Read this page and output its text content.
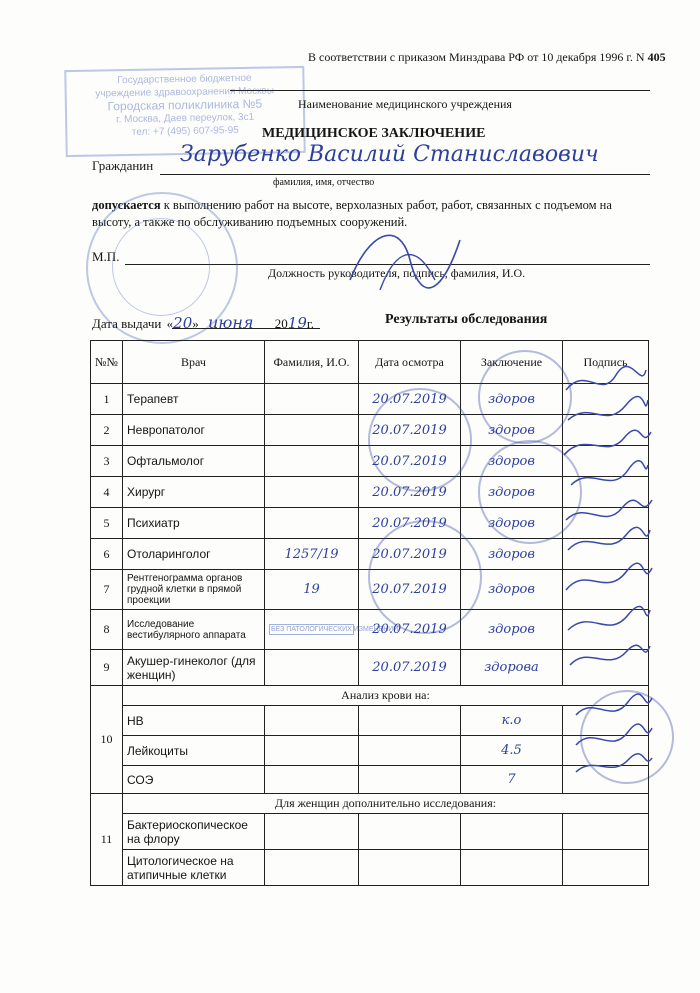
В соответствии с приказом Минздрава РФ от 10 декабря 1996 г. N 405
Государственное бюджетное
учреждение здравоохранения Москвы
Городская поликлиника №5
г. Москва, Даев переулок, 3с1
тел: +7 (495) 607-95-95
Наименование медицинского учреждения
МЕДИЦИНСКОЕ ЗАКЛЮЧЕНИЕ
Гражданин Зарубенко Василий Станиславович
фамилия, имя, отчество
допускается к выполнению работ на высоте, верхолазных работ, работ, связанных с подъемом на высоту, а также по обслуживанию подъемных сооружений.
М.П.
Должность руководителя, подпись, фамилия, И.О.
Дата выдачи «20» июня 2019г.	Результаты обследования
№№	Врач	Фамилия, И.О.	Дата осмотра	Заключение	Подпись
1	Терапевт		20.07.2019	здоров	
2	Невропатолог		20.07.2019	здоров	
3	Офтальмолог		20.07.2019	здоров	
4	Хирург		20.07.2019	здоров	
5	Психиатр		20.07.2019	здоров	
6	Отоларинголог	1257/19	20.07.2019	здоров	
7	Рентгенограмма органов грудной клетки в прямой проекции	19	20.07.2019	здоров	
8	Исследование вестибулярного аппарата	БЕЗ ПАТОЛОГИЧЕСКИХ ИЗМЕНЕНИЙ	20.07.2019	здоров	
9	Акушер-гинеколог (для женщин)		20.07.2019	здорова	
10	Анализ крови на:				
	НВ			к.о	
	Лейкоциты			4.5	
	СОЭ			7	
11	Для женщин дополнительно исследования:				
	Бактериоскопическое на флору				
	Цитологическое на атипичные клетки				
